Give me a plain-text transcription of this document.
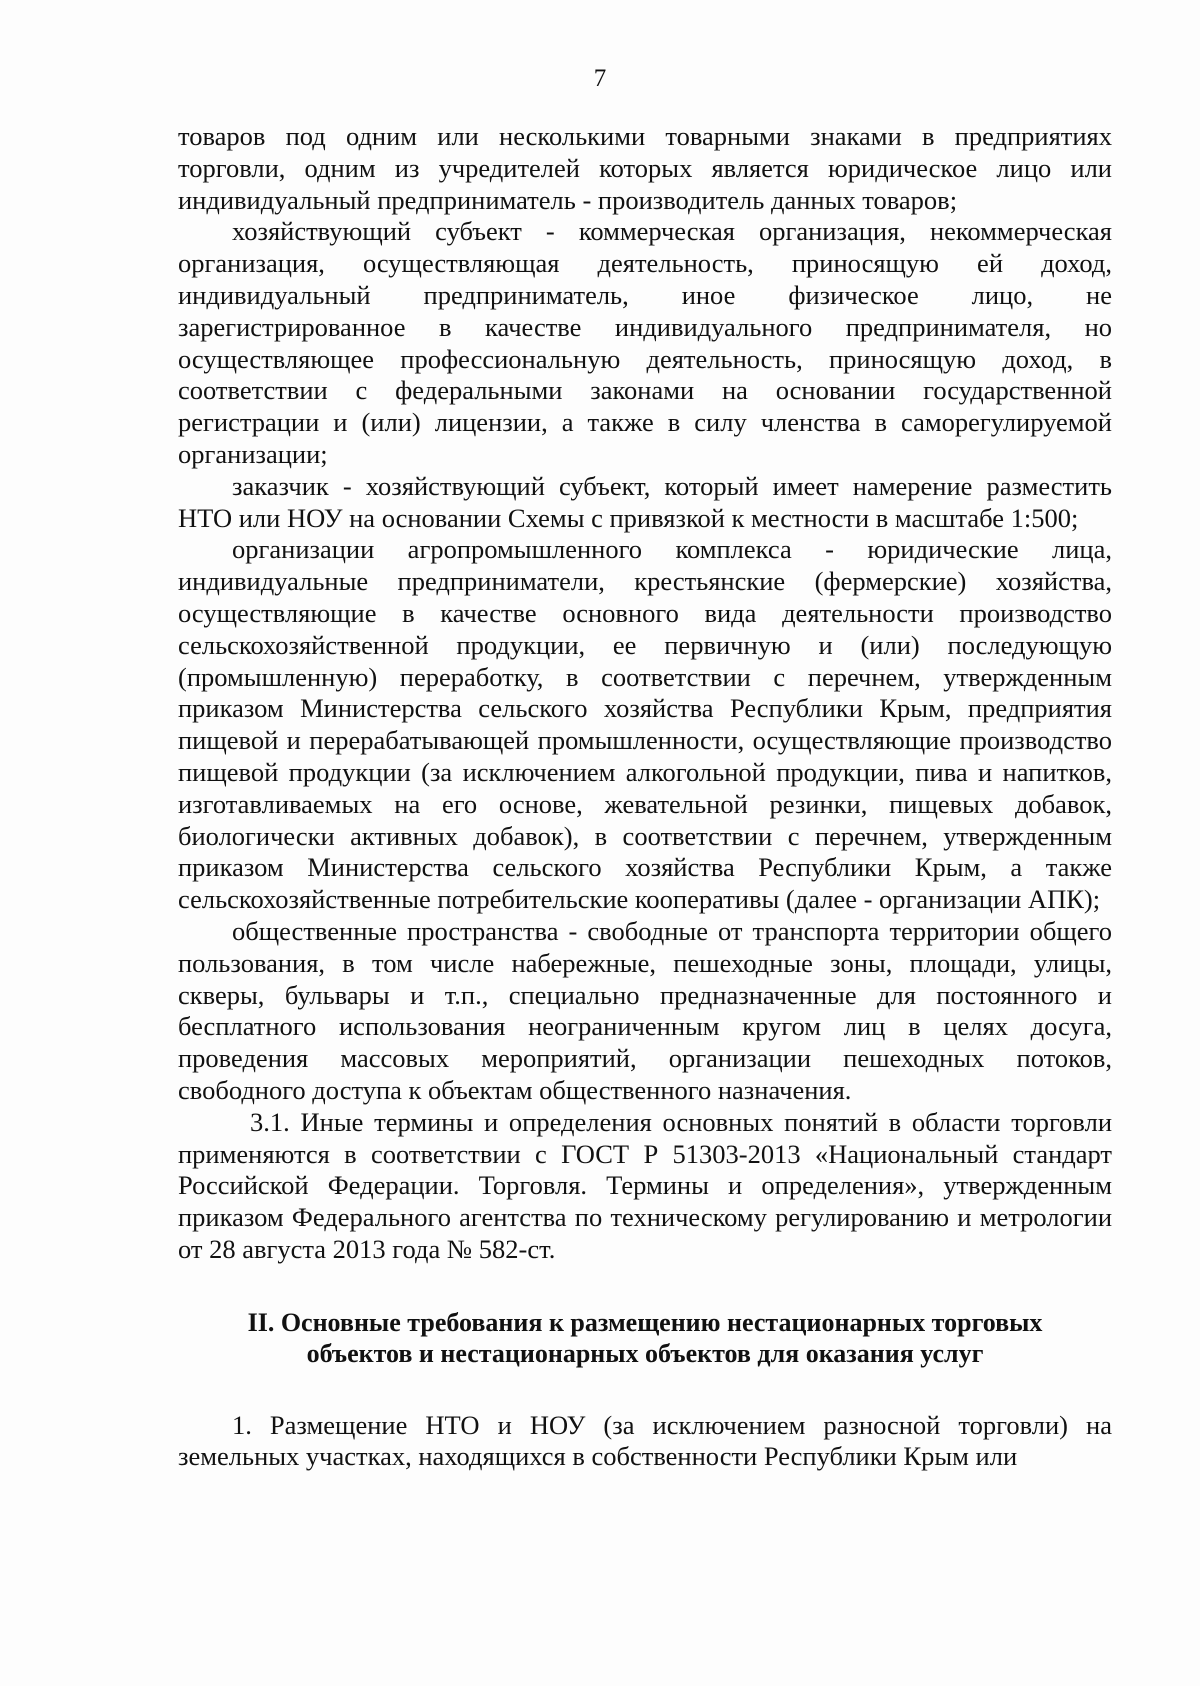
7

товаров под одним или несколькими товарными знаками в предприятиях торговли, одним из учредителей которых является юридическое лицо или индивидуальный предприниматель - производитель данных товаров;

хозяйствующий субъект - коммерческая организация, некоммерческая организация, осуществляющая деятельность, приносящую ей доход, индивидуальный предприниматель, иное физическое лицо, не зарегистрированное в качестве индивидуального предпринимателя, но осуществляющее профессиональную деятельность, приносящую доход, в соответствии с федеральными законами на основании государственной регистрации и (или) лицензии, а также в силу членства в саморегулируемой организации;

заказчик - хозяйствующий субъект, который имеет намерение разместить НТО или НОУ на основании Схемы с привязкой к местности в масштабе 1:500;

организации агропромышленного комплекса - юридические лица, индивидуальные предприниматели, крестьянские (фермерские) хозяйства, осуществляющие в качестве основного вида деятельности производство сельскохозяйственной продукции, ее первичную и (или) последующую (промышленную) переработку, в соответствии с перечнем, утвержденным приказом Министерства сельского хозяйства Республики Крым, предприятия пищевой и перерабатывающей промышленности, осуществляющие производство пищевой продукции (за исключением алкогольной продукции, пива и напитков, изготавливаемых на его основе, жевательной резинки, пищевых добавок, биологически активных добавок), в соответствии с перечнем, утвержденным приказом Министерства сельского хозяйства Республики Крым, а также сельскохозяйственные потребительские кооперативы (далее - организации АПК);

общественные пространства - свободные от транспорта территории общего пользования, в том числе набережные, пешеходные зоны, площади, улицы, скверы, бульвары и т.п., специально предназначенные для постоянного и бесплатного использования неограниченным кругом лиц в целях досуга, проведения массовых мероприятий, организации пешеходных потоков, свободного доступа к объектам общественного назначения.

3.1. Иные термины и определения основных понятий в области торговли применяются в соответствии с ГОСТ Р 51303-2013 «Национальный стандарт Российской Федерации. Торговля. Термины и определения», утвержденным приказом Федерального агентства по техническому регулированию и метрологии от 28 августа 2013 года № 582-ст.

II. Основные требования к размещению нестационарных торговых
объектов и нестационарных объектов для оказания услуг

1. Размещение НТО и НОУ (за исключением разносной торговли) на земельных участках, находящихся в собственности Республики Крым или
